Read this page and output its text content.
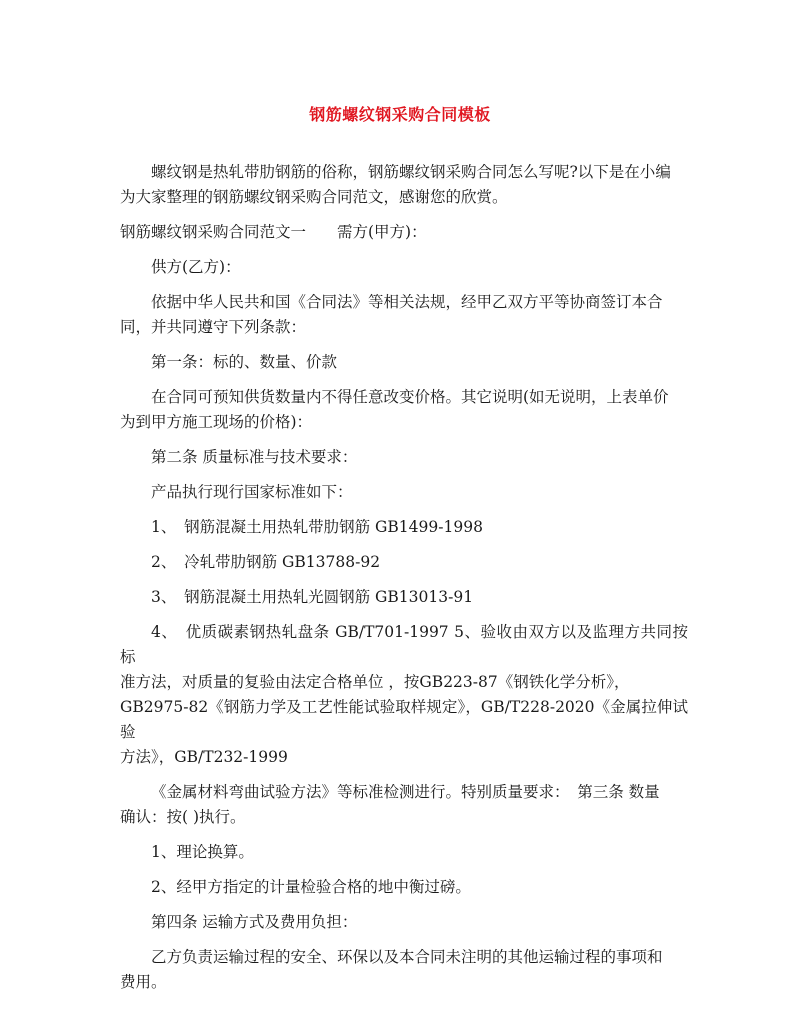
钢筋螺纹钢采购合同模板

螺纹钢是热轧带肋钢筋的俗称，钢筋螺纹钢采购合同怎么写呢?以下是在小编

为大家整理的钢筋螺纹钢采购合同范文，感谢您的欣赏。

钢筋螺纹钢采购合同范文一　　需方(甲方)：

供方(乙方)：

依据中华人民共和国《合同法》等相关法规，经甲乙双方平等协商签订本合

同，并共同遵守下列条款：

第一条：标的、数量、价款

在合同可预知供货数量内不得任意改变价格。其它说明(如无说明，上表单价

为到甲方施工现场的价格)：

第二条 质量标准与技术要求：

产品执行现行国家标准如下：

1、　钢筋混凝土用热轧带肋钢筋 GB1499-1998

2、　冷轧带肋钢筋 GB13788-92

3、　钢筋混凝土用热轧光圆钢筋 GB13013-91

4、　优质碳素钢热轧盘条 GB/T701-1997 5、验收由双方以及监理方共同按标

准方法，对质量的复验由法定合格单位 ，按GB223-87《钢铁化学分析》，

GB2975-82《钢筋力学及工艺性能试验取样规定》，GB/T228-2020《金属拉伸试验

方法》，GB/T232-1999

《金属材料弯曲试验方法》等标准检测进行。特别质量要求：　第三条 数量

确认：按( )执行。

1、理论换算。

2、经甲方指定的计量检验合格的地中衡过磅。

第四条 运输方式及费用负担：

乙方负责运输过程的安全、环保以及本合同未注明的其他运输过程的事项和

费用。
